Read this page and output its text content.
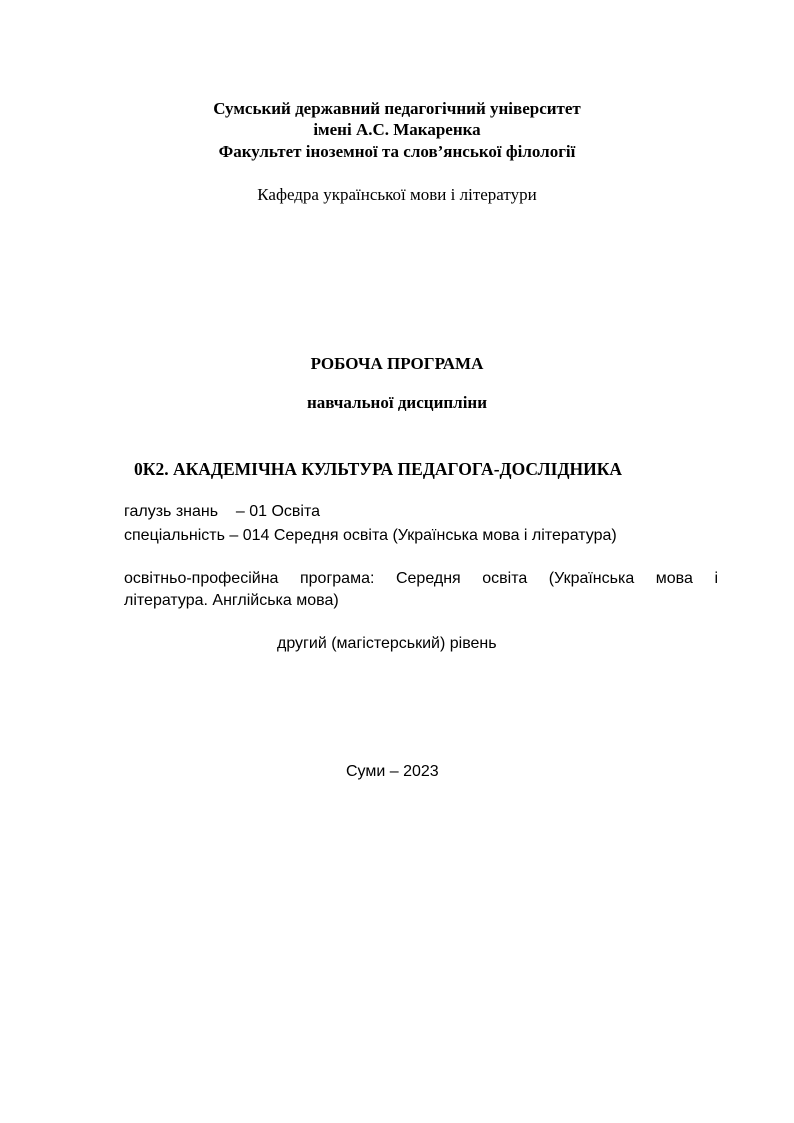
Сумський державний педагогічний університет
імені А.С. Макаренка
Факультет іноземної та слов’янської філології
Кафедра української мови і літератури
РОБОЧА ПРОГРАМА
навчальної дисципліни
0К2. АКАДЕМІЧНА КУЛЬТУРА ПЕДАГОГА-ДОСЛІДНИКА
галузь знань – 01 Освіта
спеціальність – 014 Середня освіта (Українська мова і література)
освітньо-професійна програма: Середня освіта (Українська мова і
література. Англійська мова)
другий (магістерський) рівень
Суми – 2023
